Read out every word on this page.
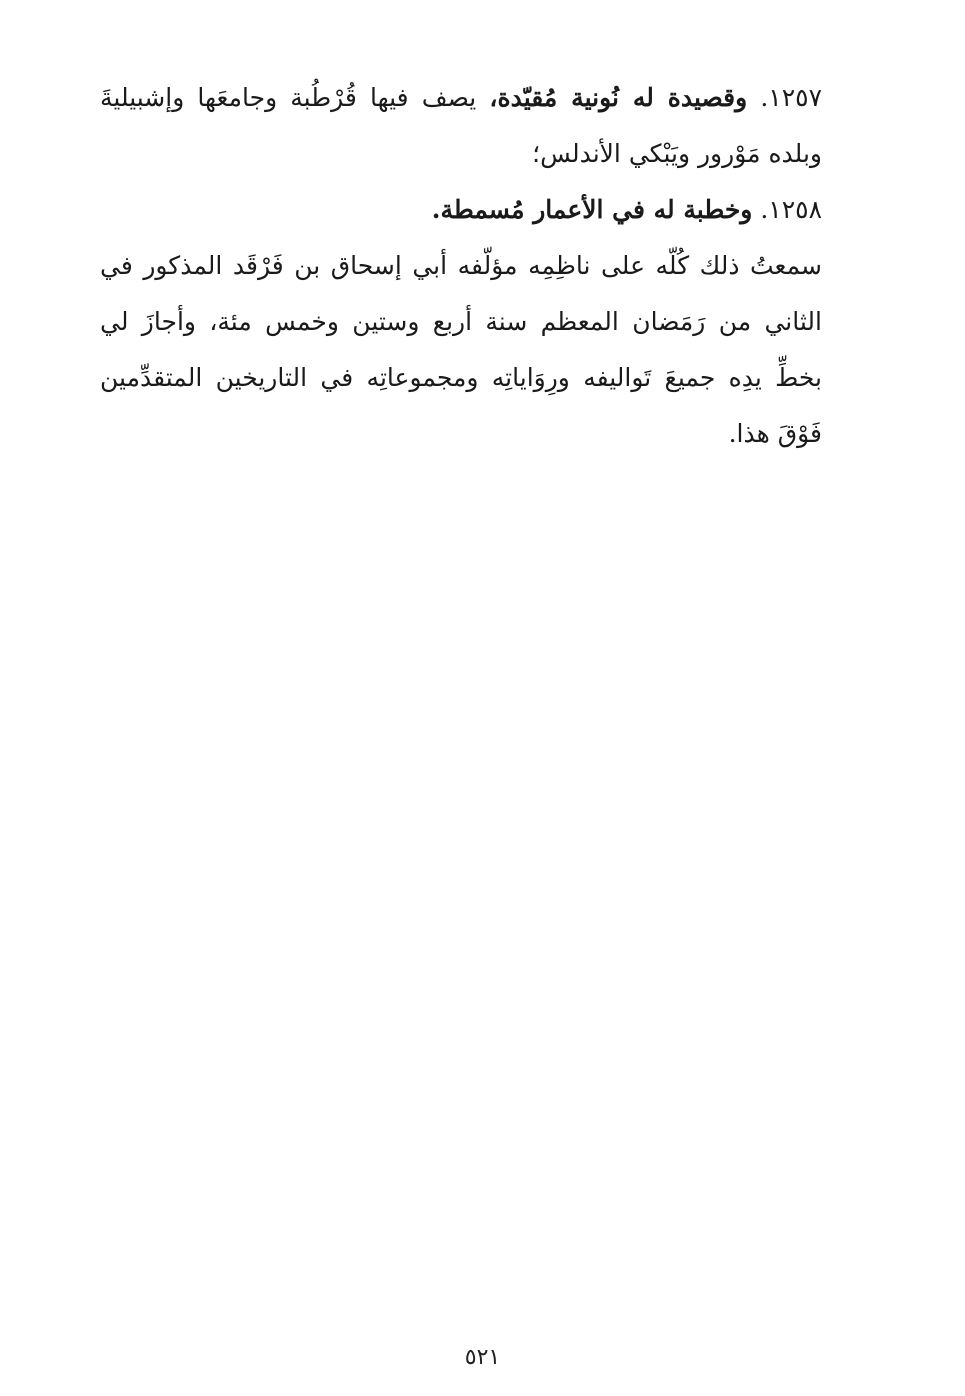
١٢٥٧. وقصيدة له نُونية مُقيّدة، يصف فيها قُرْطُبة وجامعَها وإشبيليةَ وبلده مَوْرور ويَبْكي الأندلس؛

١٢٥٨. وخطبة له في الأعمار مُسمطة.

سمعتُ ذلك كُلّه على ناظِمِه مؤلّفه أبي إسحاق بن فَرْقَد المذكور في الثاني من رَمَضان المعظم سنة أربع وستين وخمس مئة، وأجازَ لي بخطِّ يدِه جميعَ تَواليفه ورِوَاياتِه ومجموعاتِه في التاريخين المتقدِّمين فَوْقَ هذا.

٥٢١
